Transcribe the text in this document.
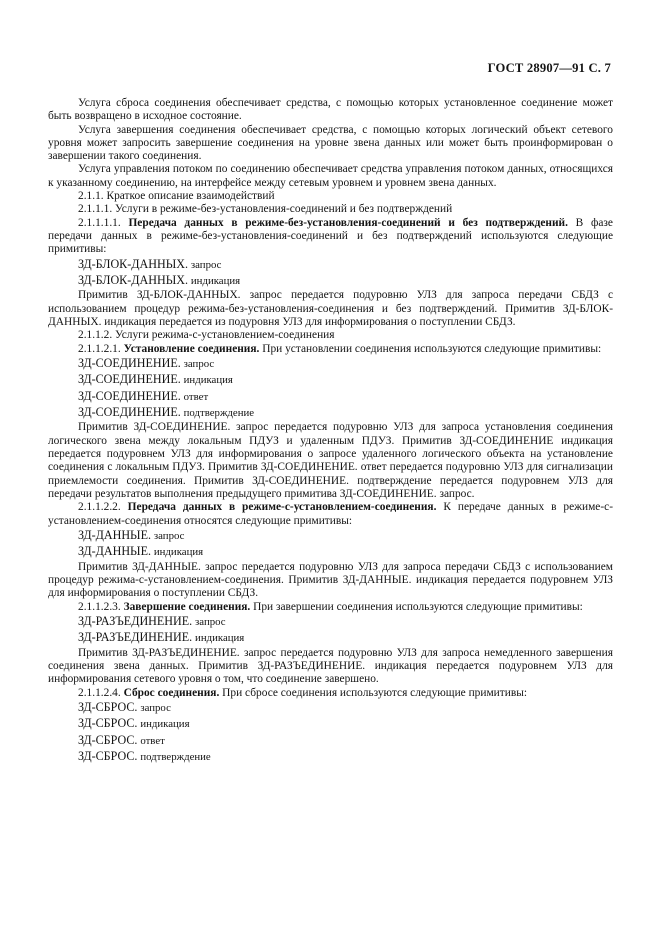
ГОСТ 28907—91 С. 7

Услуга сброса соединения обеспечивает средства, с помощью которых установленное соединение может быть возвращено в исходное состояние.

Услуга завершения соединения обеспечивает средства, с помощью которых логический объект сетевого уровня может запросить завершение соединения на уровне звена данных или может быть проинформирован о завершении такого соединения.

Услуга управления потоком по соединению обеспечивает средства управления потоком данных, относящихся к указанному соединению, на интерфейсе между сетевым уровнем и уровнем звена данных.

2.1.1. Краткое описание взаимодействий

2.1.1.1. Услуги в режиме-без-установления-соединений и без подтверждений

2.1.1.1.1. Передача данных в режиме-без-установления-соединений и без подтверждений. В фазе передачи данных в режиме-без-установления-соединений и без подтверждений используются следующие примитивы:

ЗД-БЛОК-ДАННЫХ. запрос
ЗД-БЛОК-ДАННЫХ. индикация

Примитив ЗД-БЛОК-ДАННЫХ. запрос передается подуровню УЛЗ для запроса передачи СБДЗ с использованием процедур режима-без-установления-соединения и без подтверждений. Примитив ЗД-БЛОК-ДАННЫХ. индикация передается из подуровня УЛЗ для информирования о поступлении СБДЗ.

2.1.1.2. Услуги режима-с-установлением-соединения

2.1.1.2.1. Установление соединения. При установлении соединения используются следующие примитивы:

ЗД-СОЕДИНЕНИЕ. запрос
ЗД-СОЕДИНЕНИЕ. индикация
ЗД-СОЕДИНЕНИЕ. ответ
ЗД-СОЕДИНЕНИЕ. подтверждение

Примитив ЗД-СОЕДИНЕНИЕ. запрос передается подуровню УЛЗ для запроса установления соединения логического звена между локальным ПДУЗ и удаленным ПДУЗ. Примитив ЗД-СОЕДИНЕНИЕ индикация передается подуровнем УЛЗ для информирования о запросе удаленного логического объекта на установление соединения с локальным ПДУЗ. Примитив ЗД-СОЕДИНЕНИЕ. ответ передается подуровню УЛЗ для сигнализации приемлемости соединения. Примитив ЗД-СОЕДИНЕНИЕ. подтверждение передается подуровнем УЛЗ для передачи результатов выполнения предыдущего примитива ЗД-СОЕДИНЕНИЕ. запрос.

2.1.1.2.2. Передача данных в режиме-с-установлением-соединения. К передаче данных в режиме-с-установлением-соединения относятся следующие примитивы:

ЗД-ДАННЫЕ. запрос
ЗД-ДАННЫЕ. индикация

Примитив ЗД-ДАННЫЕ. запрос передается подуровню УЛЗ для запроса передачи СБДЗ с использованием процедур режима-с-установлением-соединения. Примитив ЗД-ДАННЫЕ. индикация передается подуровнем УЛЗ для информирования о поступлении СБДЗ.

2.1.1.2.3. Завершение соединения. При завершении соединения используются следующие примитивы:

ЗД-РАЗЪЕДИНЕНИЕ. запрос
ЗД-РАЗЪЕДИНЕНИЕ. индикация

Примитив ЗД-РАЗЪЕДИНЕНИЕ. запрос передается подуровню УЛЗ для запроса немедленного завершения соединения звена данных. Примитив ЗД-РАЗЪЕДИНЕНИЕ. индикация передается подуровнем УЛЗ для информирования сетевого уровня о том, что соединение завершено.

2.1.1.2.4. Сброс соединения. При сбросе соединения используются следующие примитивы:

ЗД-СБРОС. запрос
ЗД-СБРОС. индикация
ЗД-СБРОС. ответ
ЗД-СБРОС. подтверждение
